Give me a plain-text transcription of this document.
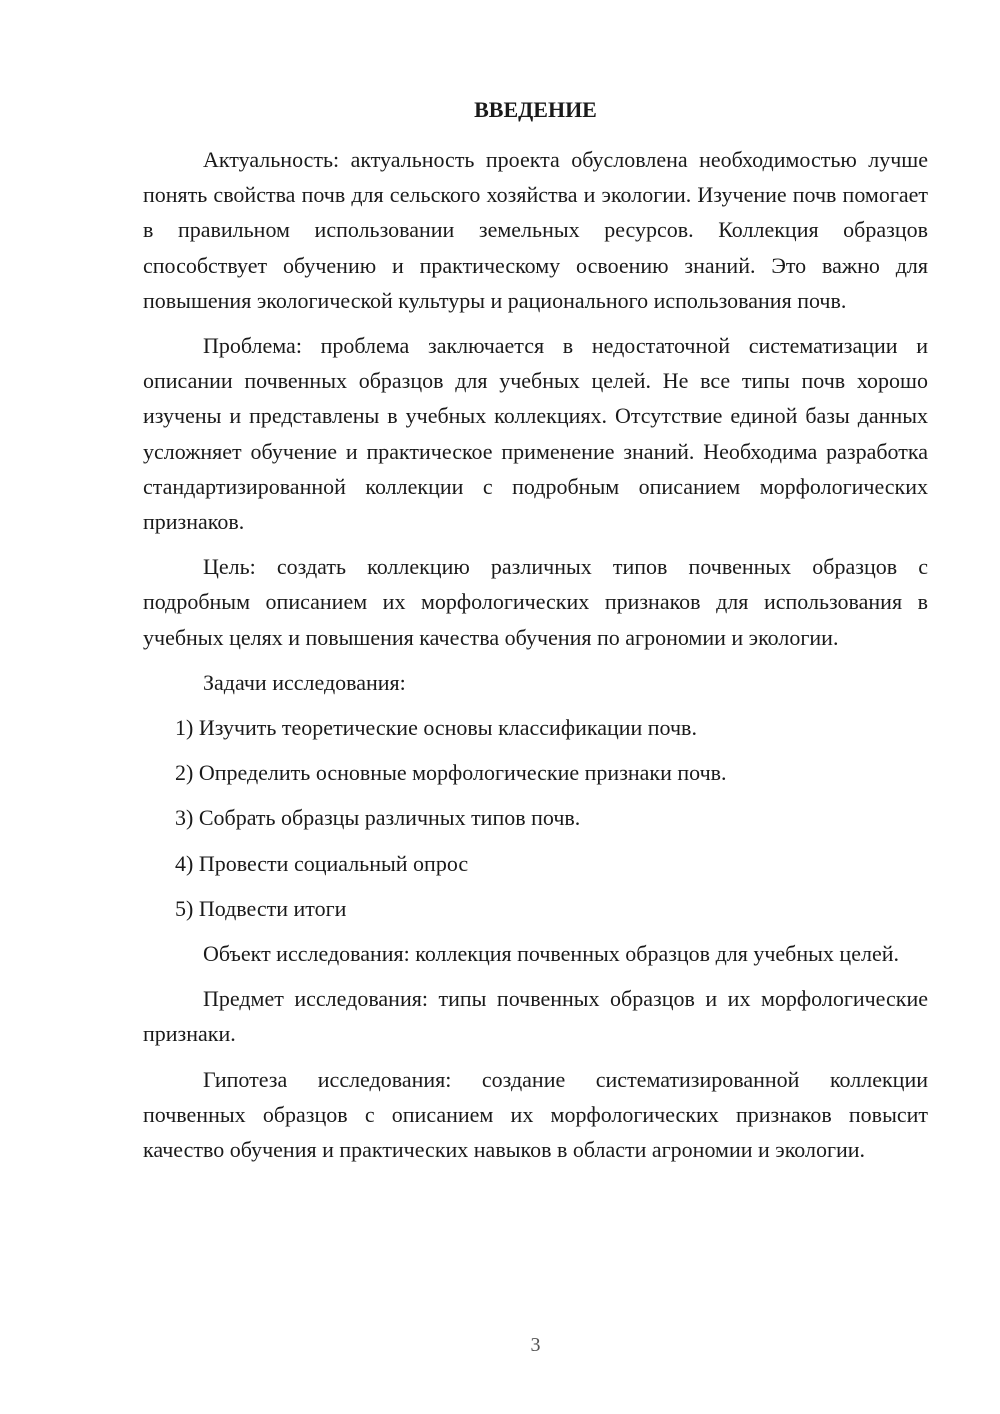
ВВЕДЕНИЕ

Актуальность: актуальность проекта обусловлена необходимостью лучше понять свойства почв для сельского хозяйства и экологии. Изучение почв помогает в правильном использовании земельных ресурсов. Коллекция образцов способствует обучению и практическому освоению знаний. Это важно для повышения экологической культуры и рационального использования почв.

Проблема: проблема заключается в недостаточной систематизации и описании почвенных образцов для учебных целей. Не все типы почв хорошо изучены и представлены в учебных коллекциях. Отсутствие единой базы данных усложняет обучение и практическое применение знаний. Необходима разработка стандартизированной коллекции с подробным описанием морфологических признаков.

Цель: создать коллекцию различных типов почвенных образцов с подробным описанием их морфологических признаков для использования в учебных целях и повышения качества обучения по агрономии и экологии.

Задачи исследования:

1) Изучить теоретические основы классификации почв.
2) Определить основные морфологические признаки почв.
3) Собрать образцы различных типов почв.
4) Провести социальный опрос
5) Подвести итоги

Объект исследования: коллекция почвенных образцов для учебных целей.

Предмет исследования: типы почвенных образцов и их морфологические признаки.

Гипотеза исследования: создание систематизированной коллекции почвенных образцов с описанием их морфологических признаков повысит качество обучения и практических навыков в области агрономии и экологии.

3
